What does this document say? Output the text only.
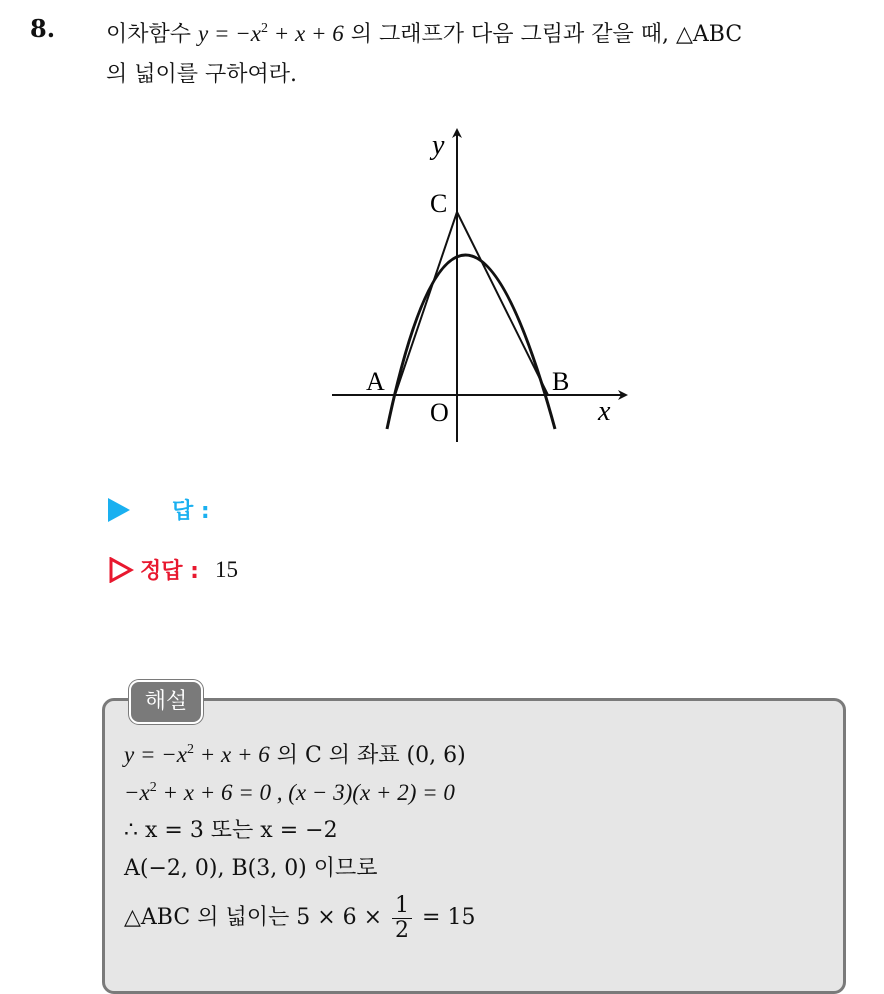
8. 이차함수 $y = -x^2 + x + 6$ 의 그래프가 다음 그림과 같을 때, △ABC
의 넓이를 구하여라.
y
x
C
A	B
O
답 :
정답 : 15
해설
$y = -x^2 + x + 6$ 의 C 의 좌표 (0, 6)
$-x^2 + x + 6 = 0$ , (x − 3)(x + 2) = 0
∴ x = 3 또는 x = −2
A(−2, 0), B(3, 0) 이므로
△ABC 의 넓이는 $5 \times 6 \times \frac{1}{2} = 15$
